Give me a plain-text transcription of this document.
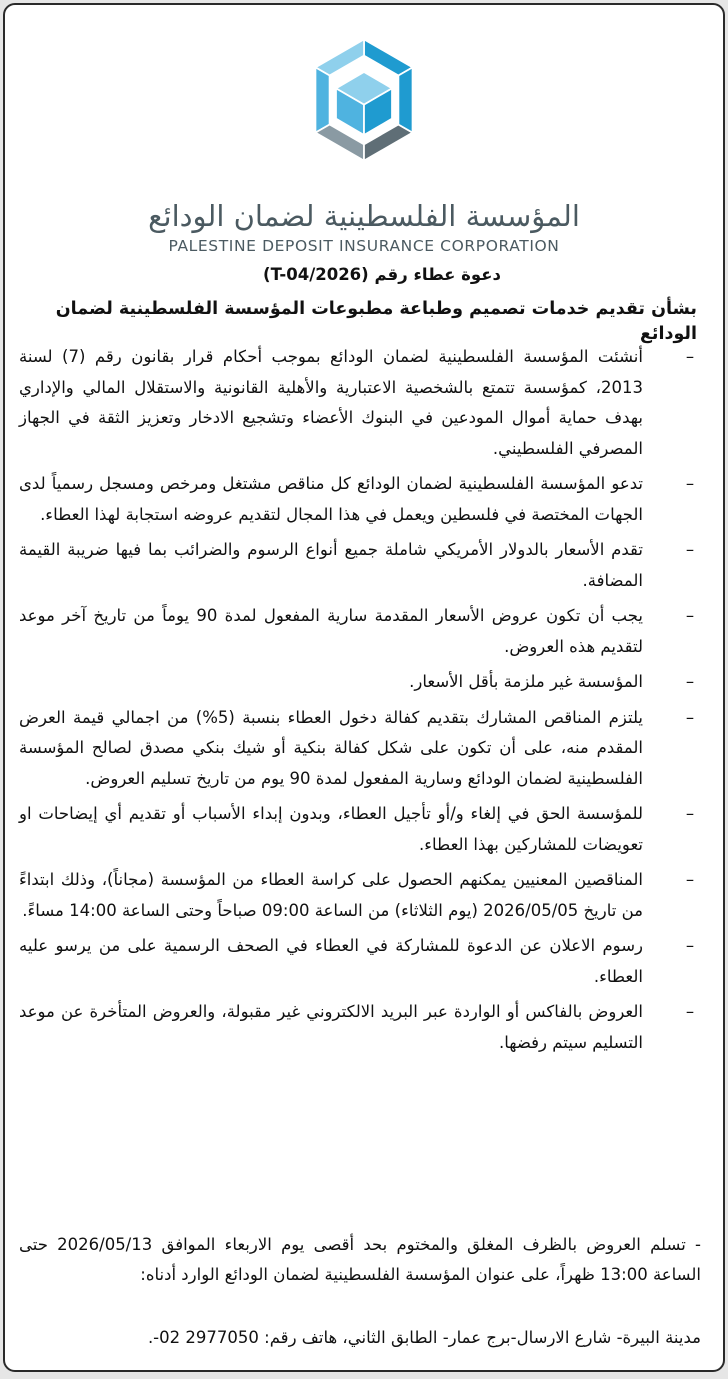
المؤسسة الفلسطينية لضمان الودائع
PALESTINE DEPOSIT INSURANCE CORPORATION
دعوة عطاء رقم (T-04/2026)
بشأن تقديم خدمات تصميم وطباعة مطبوعات المؤسسة الفلسطينية لضمان الودائع
–
أنشئت المؤسسة الفلسطينية لضمان الودائع بموجب أحكام قرار بقانون رقم (7) لسنة 2013، كمؤسسة تتمتع بالشخصية الاعتبارية والأهلية القانونية والاستقلال المالي والإداري بهدف حماية أموال المودعين في البنوك الأعضاء وتشجيع الادخار وتعزيز الثقة في الجهاز المصرفي الفلسطيني.
–
تدعو المؤسسة الفلسطينية لضمان الودائع كل مناقص مشتغل ومرخص ومسجل رسمياً لدى الجهات المختصة في فلسطين ويعمل في هذا المجال لتقديم عروضه استجابة لهذا العطاء.
–
تقدم الأسعار بالدولار الأمريكي شاملة جميع أنواع الرسوم والضرائب بما فيها ضريبة القيمة المضافة.
–
يجب أن تكون عروض الأسعار المقدمة سارية المفعول لمدة 90 يوماً من تاريخ آخر موعد لتقديم هذه العروض.
–
المؤسسة غير ملزمة بأقل الأسعار.
–
يلتزم المناقص المشارك بتقديم كفالة دخول العطاء بنسبة (5%) من اجمالي قيمة العرض المقدم منه، على أن تكون على شكل كفالة بنكية أو شيك بنكي مصدق لصالح المؤسسة الفلسطينية لضمان الودائع وسارية المفعول لمدة 90 يوم من تاريخ تسليم العروض.
–
للمؤسسة الحق في إلغاء و/أو تأجيل العطاء، وبدون إبداء الأسباب أو تقديم أي إيضاحات او تعويضات للمشاركين بهذا العطاء.
–
المناقصين المعنيين يمكنهم الحصول على كراسة العطاء من المؤسسة (مجاناً)، وذلك ابتداءً من تاريخ 2026/05/05 (يوم الثلاثاء) من الساعة 09:00 صباحاً وحتى الساعة 14:00 مساءً.
–
رسوم الاعلان عن الدعوة للمشاركة في العطاء في الصحف الرسمية على من يرسو عليه العطاء.
–
العروض بالفاكس أو الواردة عبر البريد الالكتروني غير مقبولة، والعروض المتأخرة عن موعد التسليم سيتم رفضها.
- تسلم العروض بالظرف المغلق والمختوم بحد أقصى يوم الاربعاء الموافق 2026/05/13 حتى الساعة 13:00 ظهراً، على عنوان المؤسسة الفلسطينية لضمان الودائع الوارد أدناه:
مدينة البيرة- شارع الارسال-برج عمار- الطابق الثاني، هاتف رقم: 2977050 02-.
